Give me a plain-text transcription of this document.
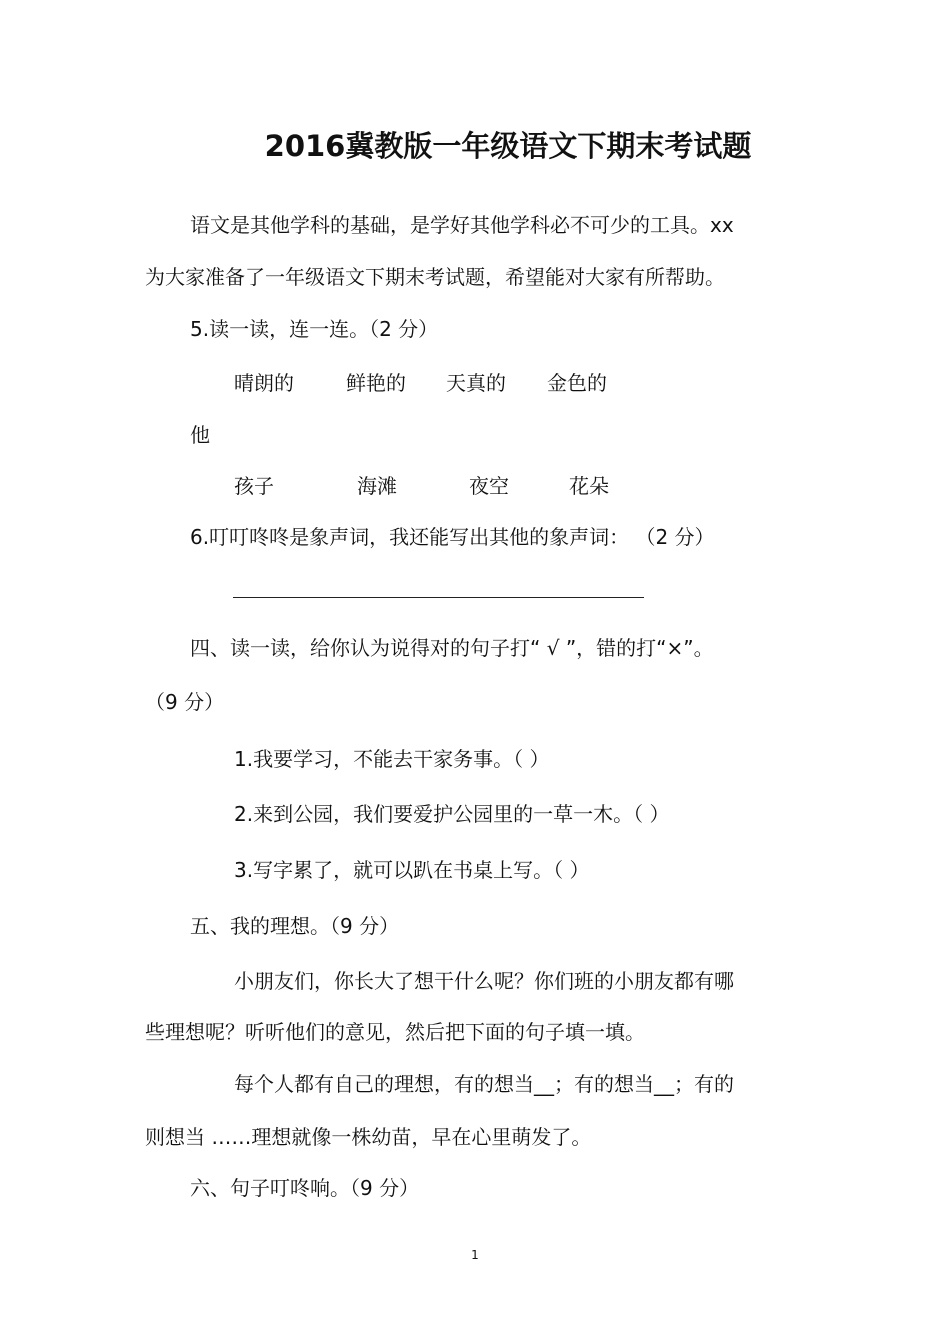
2016冀教版一年级语文下期末考试题
语文是其他学科的基础，是学好其他学科必不可少的工具。xx
为大家准备了一年级语文下期末考试题，希望能对大家有所帮助。
5.读一读，连一连。（2 分）
晴朗的	鲜艳的 天真的 金色的
他
孩子	海滩	夜空	花朵
6.叮叮咚咚是象声词，我还能写出其他的象声词： （2 分）
四、读一读，给你认为说得对的句子打“ √ ”，错的打“×”。
（9 分）
1.我要学习，不能去干家务事。（ ）
2.来到公园，我们要爱护公园里的一草一木。（ ）
3.写字累了，就可以趴在书桌上写。（ ）
五、我的理想。（9 分）
小朋友们，你长大了想干什么呢？你们班的小朋友都有哪
些理想呢？听听他们的意见，然后把下面的句子填一填。
每个人都有自己的理想，有的想当__；有的想当__；有的
则想当 ……理想就像一株幼苗，早在心里萌发了。
六、句子叮咚响。（9 分）
1
